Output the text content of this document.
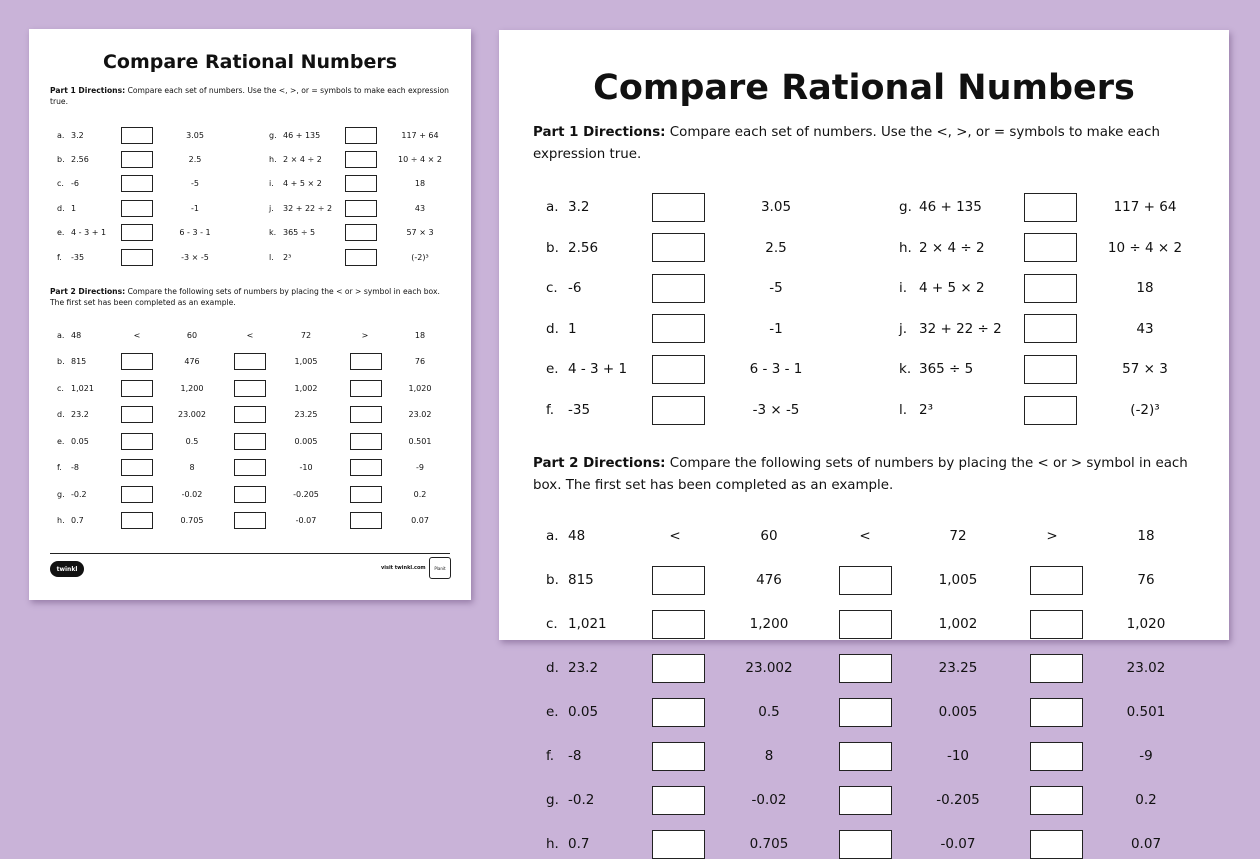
Compare Rational Numbers
Part 1 Directions: Compare each set of numbers. Use the <, >, or = symbols to make each expression true.
a. 3.2	3.05
b. 2.56	2.5
c. -6	-5
d. 1	-1
e. 4 - 3 + 1	6 - 3 - 1
f. -35	-3 × -5
g. 46 + 135	117 + 64
h. 2 × 4 ÷ 2	10 ÷ 4 × 2
i. 4 + 5 × 2	18
j. 32 + 22 ÷ 2	43
k. 365 ÷ 5	57 × 3
l. 2³	(-2)³
Part 2 Directions: Compare the following sets of numbers by placing the < or > symbol in each box. The first set has been completed as an example.
a. 48	<	60	<	72	>	18
b. 815	476	1,005	76
c. 1,021	1,200	1,002	1,020
d. 23.2	23.002	23.25	23.02
e. 0.05	0.5	0.005	0.501
f. -8	8	-10	-9
g. -0.2	-0.02	-0.205	0.2
h. 0.7	0.705	-0.07	0.07
twinkl	visit twinkl.com	Planit
Compare Rational Numbers
Part 1 Directions: Compare each set of numbers. Use the <, >, or = symbols to make each expression true.
a. 3.2	3.05
b. 2.56	2.5
c. -6	-5
d. 1	-1
e. 4 - 3 + 1	6 - 3 - 1
f. -35	-3 × -5
g. 46 + 135	117 + 64
h. 2 × 4 ÷ 2	10 ÷ 4 × 2
i. 4 + 5 × 2	18
j. 32 + 22 ÷ 2	43
k. 365 ÷ 5	57 × 3
l. 2³	(-2)³
Part 2 Directions: Compare the following sets of numbers by placing the < or > symbol in each box. The first set has been completed as an example.
a. 48	<	60	<	72	>	18
b. 815	476	1,005	76
c. 1,021	1,200	1,002	1,020
d. 23.2	23.002	23.25	23.02
e. 0.05	0.5	0.005	0.501
f. -8	8	-10	-9
g. -0.2	-0.02	-0.205	0.2
h. 0.7	0.705	-0.07	0.07
